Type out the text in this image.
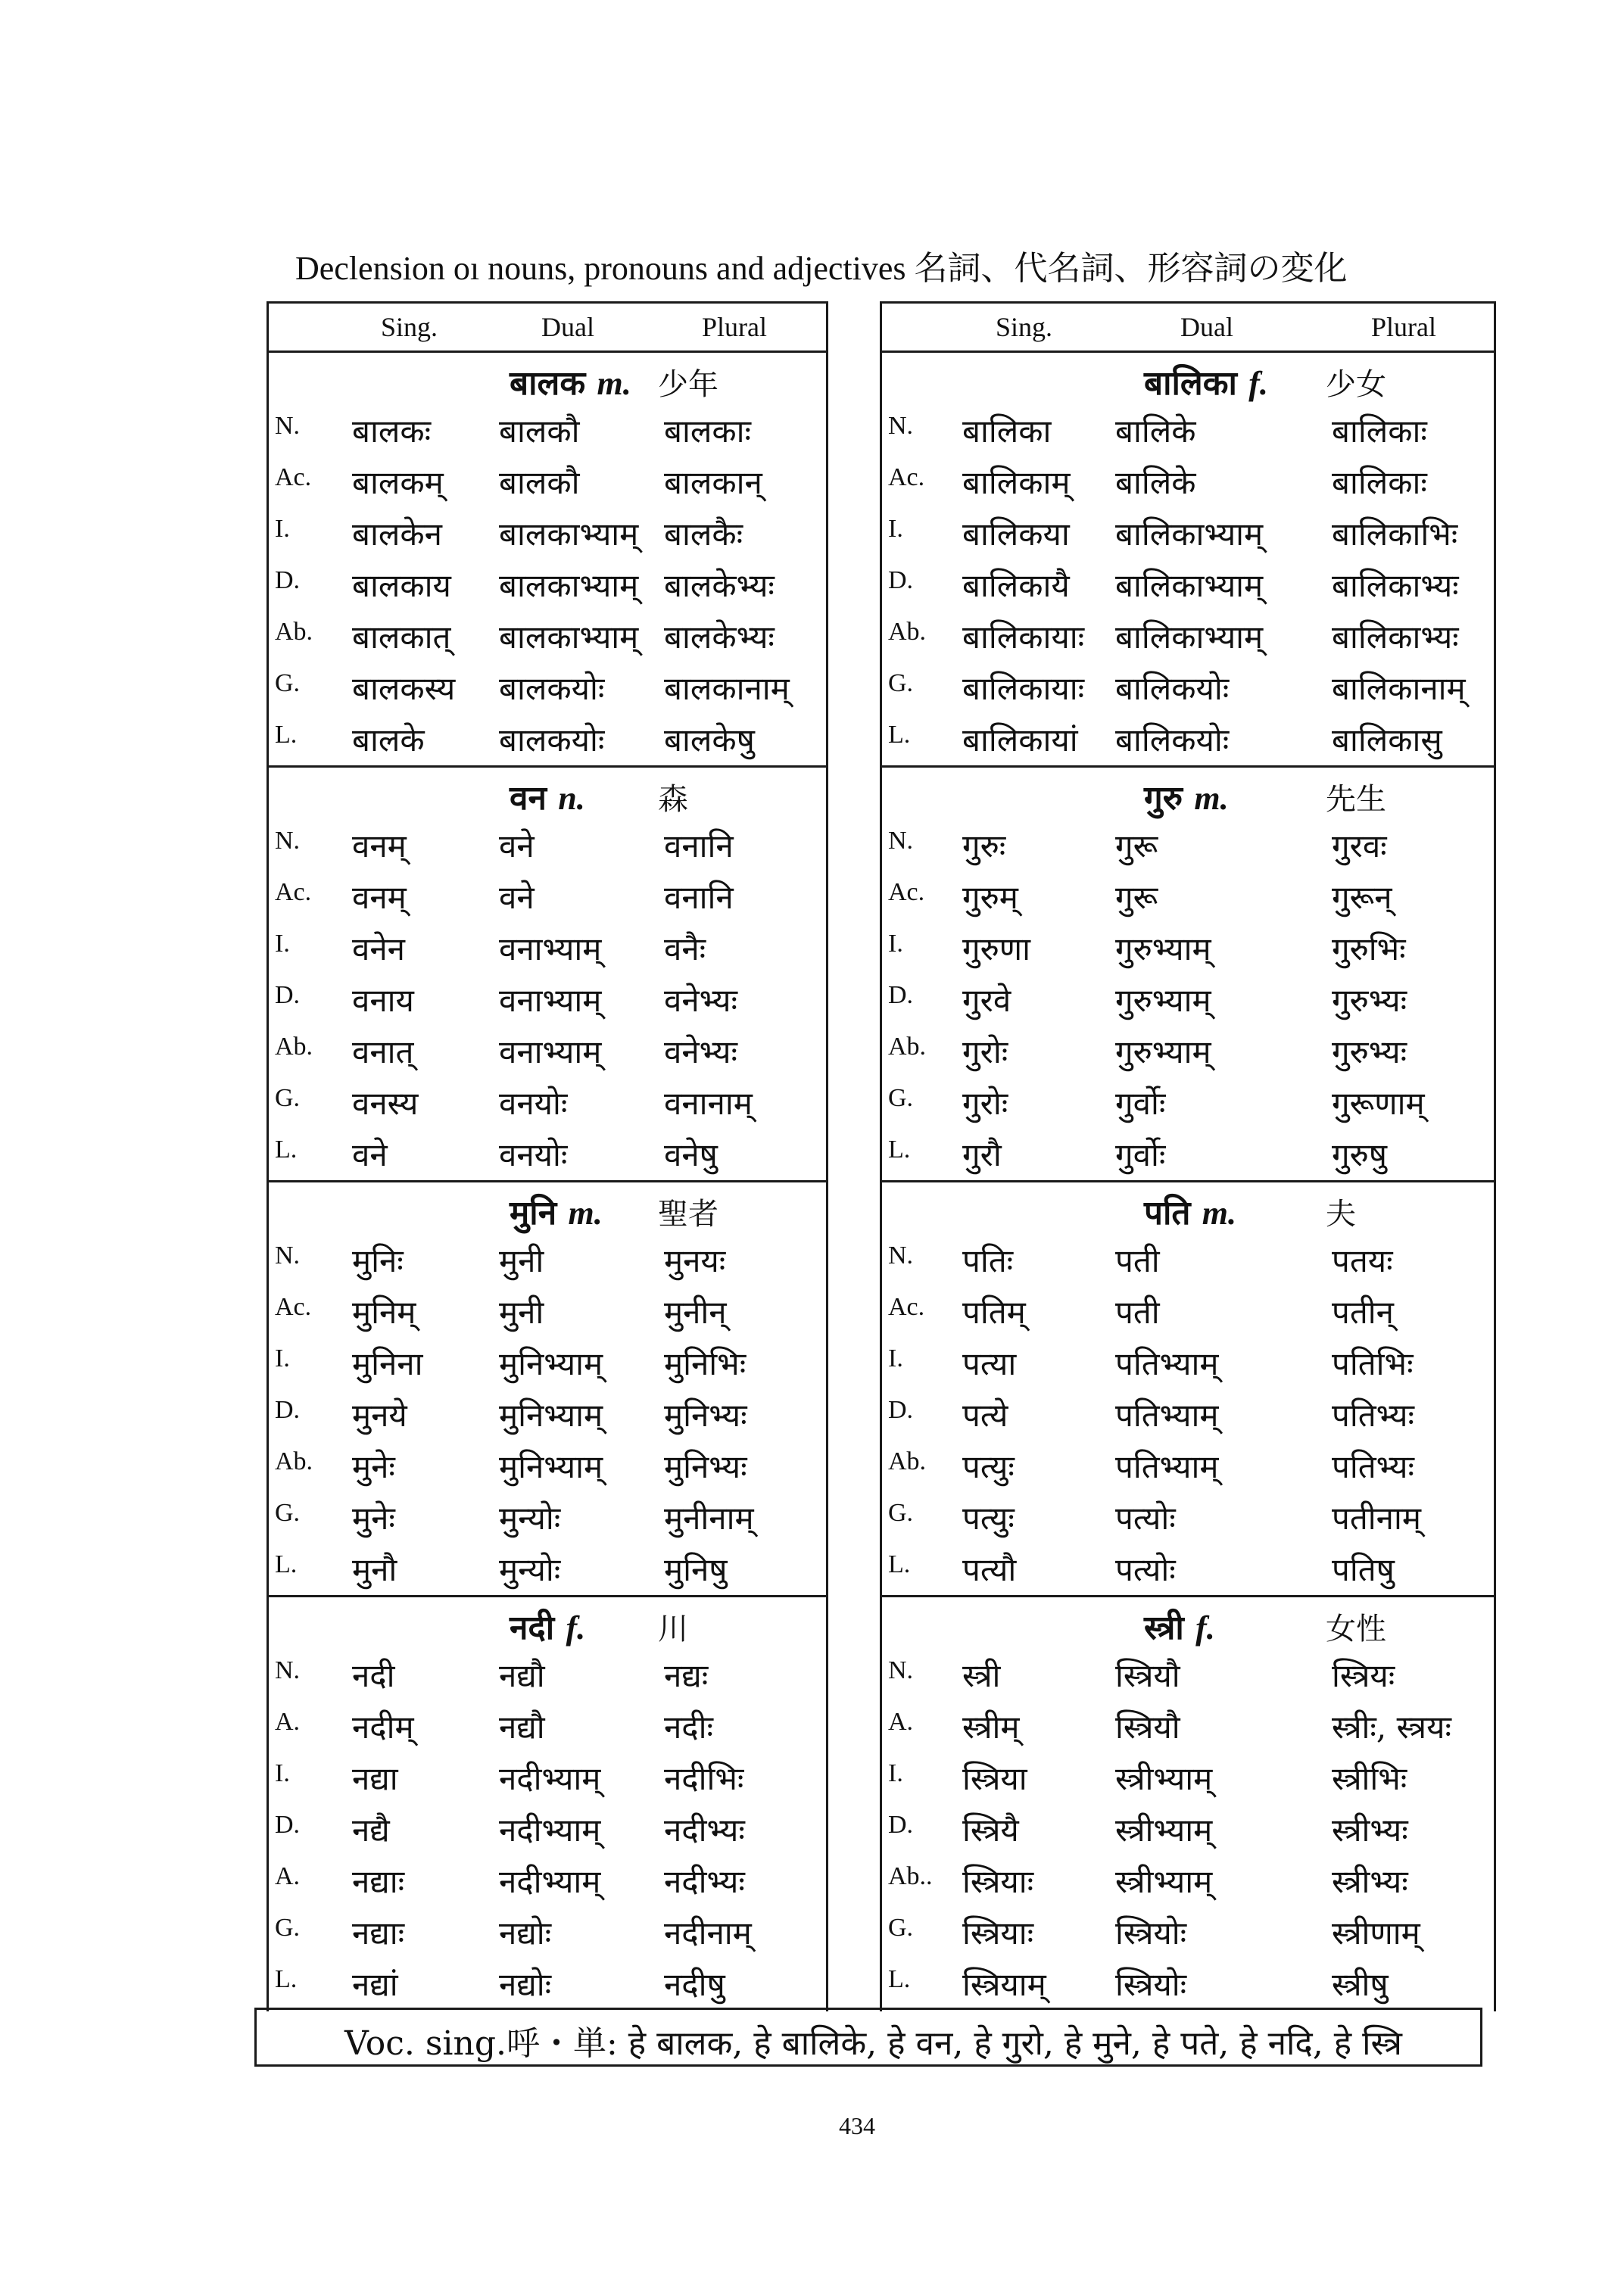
Declension oı nouns, pronouns and adjectives 名詞、代名詞、形容詞の変化
Sing.	Dual	Plural
बालक m. 少年
N. बालकः बालकौ	बालकाः
Ac. बालकम् बालकौ	बालकान्
I. बालकेन बालकाभ्याम् बालकैः
D. बालकाय बालकाभ्याम् बालकेभ्यः
Ab. बालकात् बालकाभ्याम् बालकेभ्यः
G. बालकस्य बालकयोः बालकानाम्
L. बालके बालकयोः बालकेषु
वन n. 森
N. वनम्	वने	वनानि
Ac. वनम्	वने	वनानि
I. वनेन	वनाभ्याम् वनैः
D. वनाय	वनाभ्याम् वनेभ्यः
Ab. वनात्	वनाभ्याम् वनेभ्यः
G. वनस्य	वनयोः	वनानाम्
L. वने	वनयोः	वनेषु
मुनि m. 聖者
N. मुनिः	मुनी	मुनयः
Ac. मुनिम्	मुनी	मुनीन्
I. मुनिना मुनिभ्याम् मुनिभिः
D. मुनये	मुनिभ्याम् मुनिभ्यः
Ab. मुनेः	मुनिभ्याम् मुनिभ्यः
G. मुनेः	मुन्योः	मुनीनाम्
L. मुनौ	मुन्योः	मुनिषु
नदी f. 川
N. नदी	नद्यौ	नद्यः
A. नदीम्	नद्यौ	नदीः
I. नद्या	नदीभ्याम् नदीभिः
D. नद्यै	नदीभ्याम् नदीभ्यः
A. नद्याः	नदीभ्याम् नदीभ्यः
G. नद्याः	नद्योः	नदीनाम्
L. नद्यां	नद्योः	नदीषु
Sing.	Dual	Plural
बालिका f. 少女
N. बालिका बालिके	बालिकाः
Ac. बालिकाम् बालिके	बालिकाः
I. बालिकया बालिकाभ्याम् बालिकाभिः
D. बालिकायै बालिकाभ्याम् बालिकाभ्यः
Ab. बालिकायाः बालिकाभ्याम् बालिकाभ्यः
G. बालिकायाः बालिकयोः	बालिकानाम्
L. बालिकायां बालिकयोः	बालिकासु
गुरु m.	先生
N. गुरुः	गुरू	गुरवः
Ac. गुरुम्	गुरू	गुरून्
I. गुरुणा	गुरुभ्याम्	गुरुभिः
D. गुरवे	गुरुभ्याम्	गुरुभ्यः
Ab. गुरोः	गुरुभ्याम्	गुरुभ्यः
G. गुरोः	गुर्वोः	गुरूणाम्
L. गुरौ	गुर्वोः	गुरुषु
पति m.	夫
N. पतिः	पती	पतयः
Ac. पतिम्	पती	पतीन्
I. पत्या	पतिभ्याम्	पतिभिः
D. पत्ये	पतिभ्याम्	पतिभ्यः
Ab. पत्युः	पतिभ्याम्	पतिभ्यः
G. पत्युः	पत्योः	पतीनाम्
L. पत्यौ	पत्योः	पतिषु
स्त्री f.	女性
N. स्त्री	स्त्रियौ	स्त्रियः
A. स्त्रीम्	स्त्रियौ	स्त्रीः, स्त्रयः
I. स्त्रिया	स्त्रीभ्याम्	स्त्रीभिः
D. स्त्रियै	स्त्रीभ्याम्	स्त्रीभ्यः
Ab.. स्त्रियाः	स्त्रीभ्याम्	स्त्रीभ्यः
G. स्त्रियाः	स्त्रियोः	स्त्रीणाम्
L. स्त्रियाम् स्त्रियोः	स्त्रीषु
Voc. sing.呼・単: हे बालक, हे बालिके, हे वन, हे गुरो, हे मुने, हे पते, हे नदि, हे स्त्रि
434
